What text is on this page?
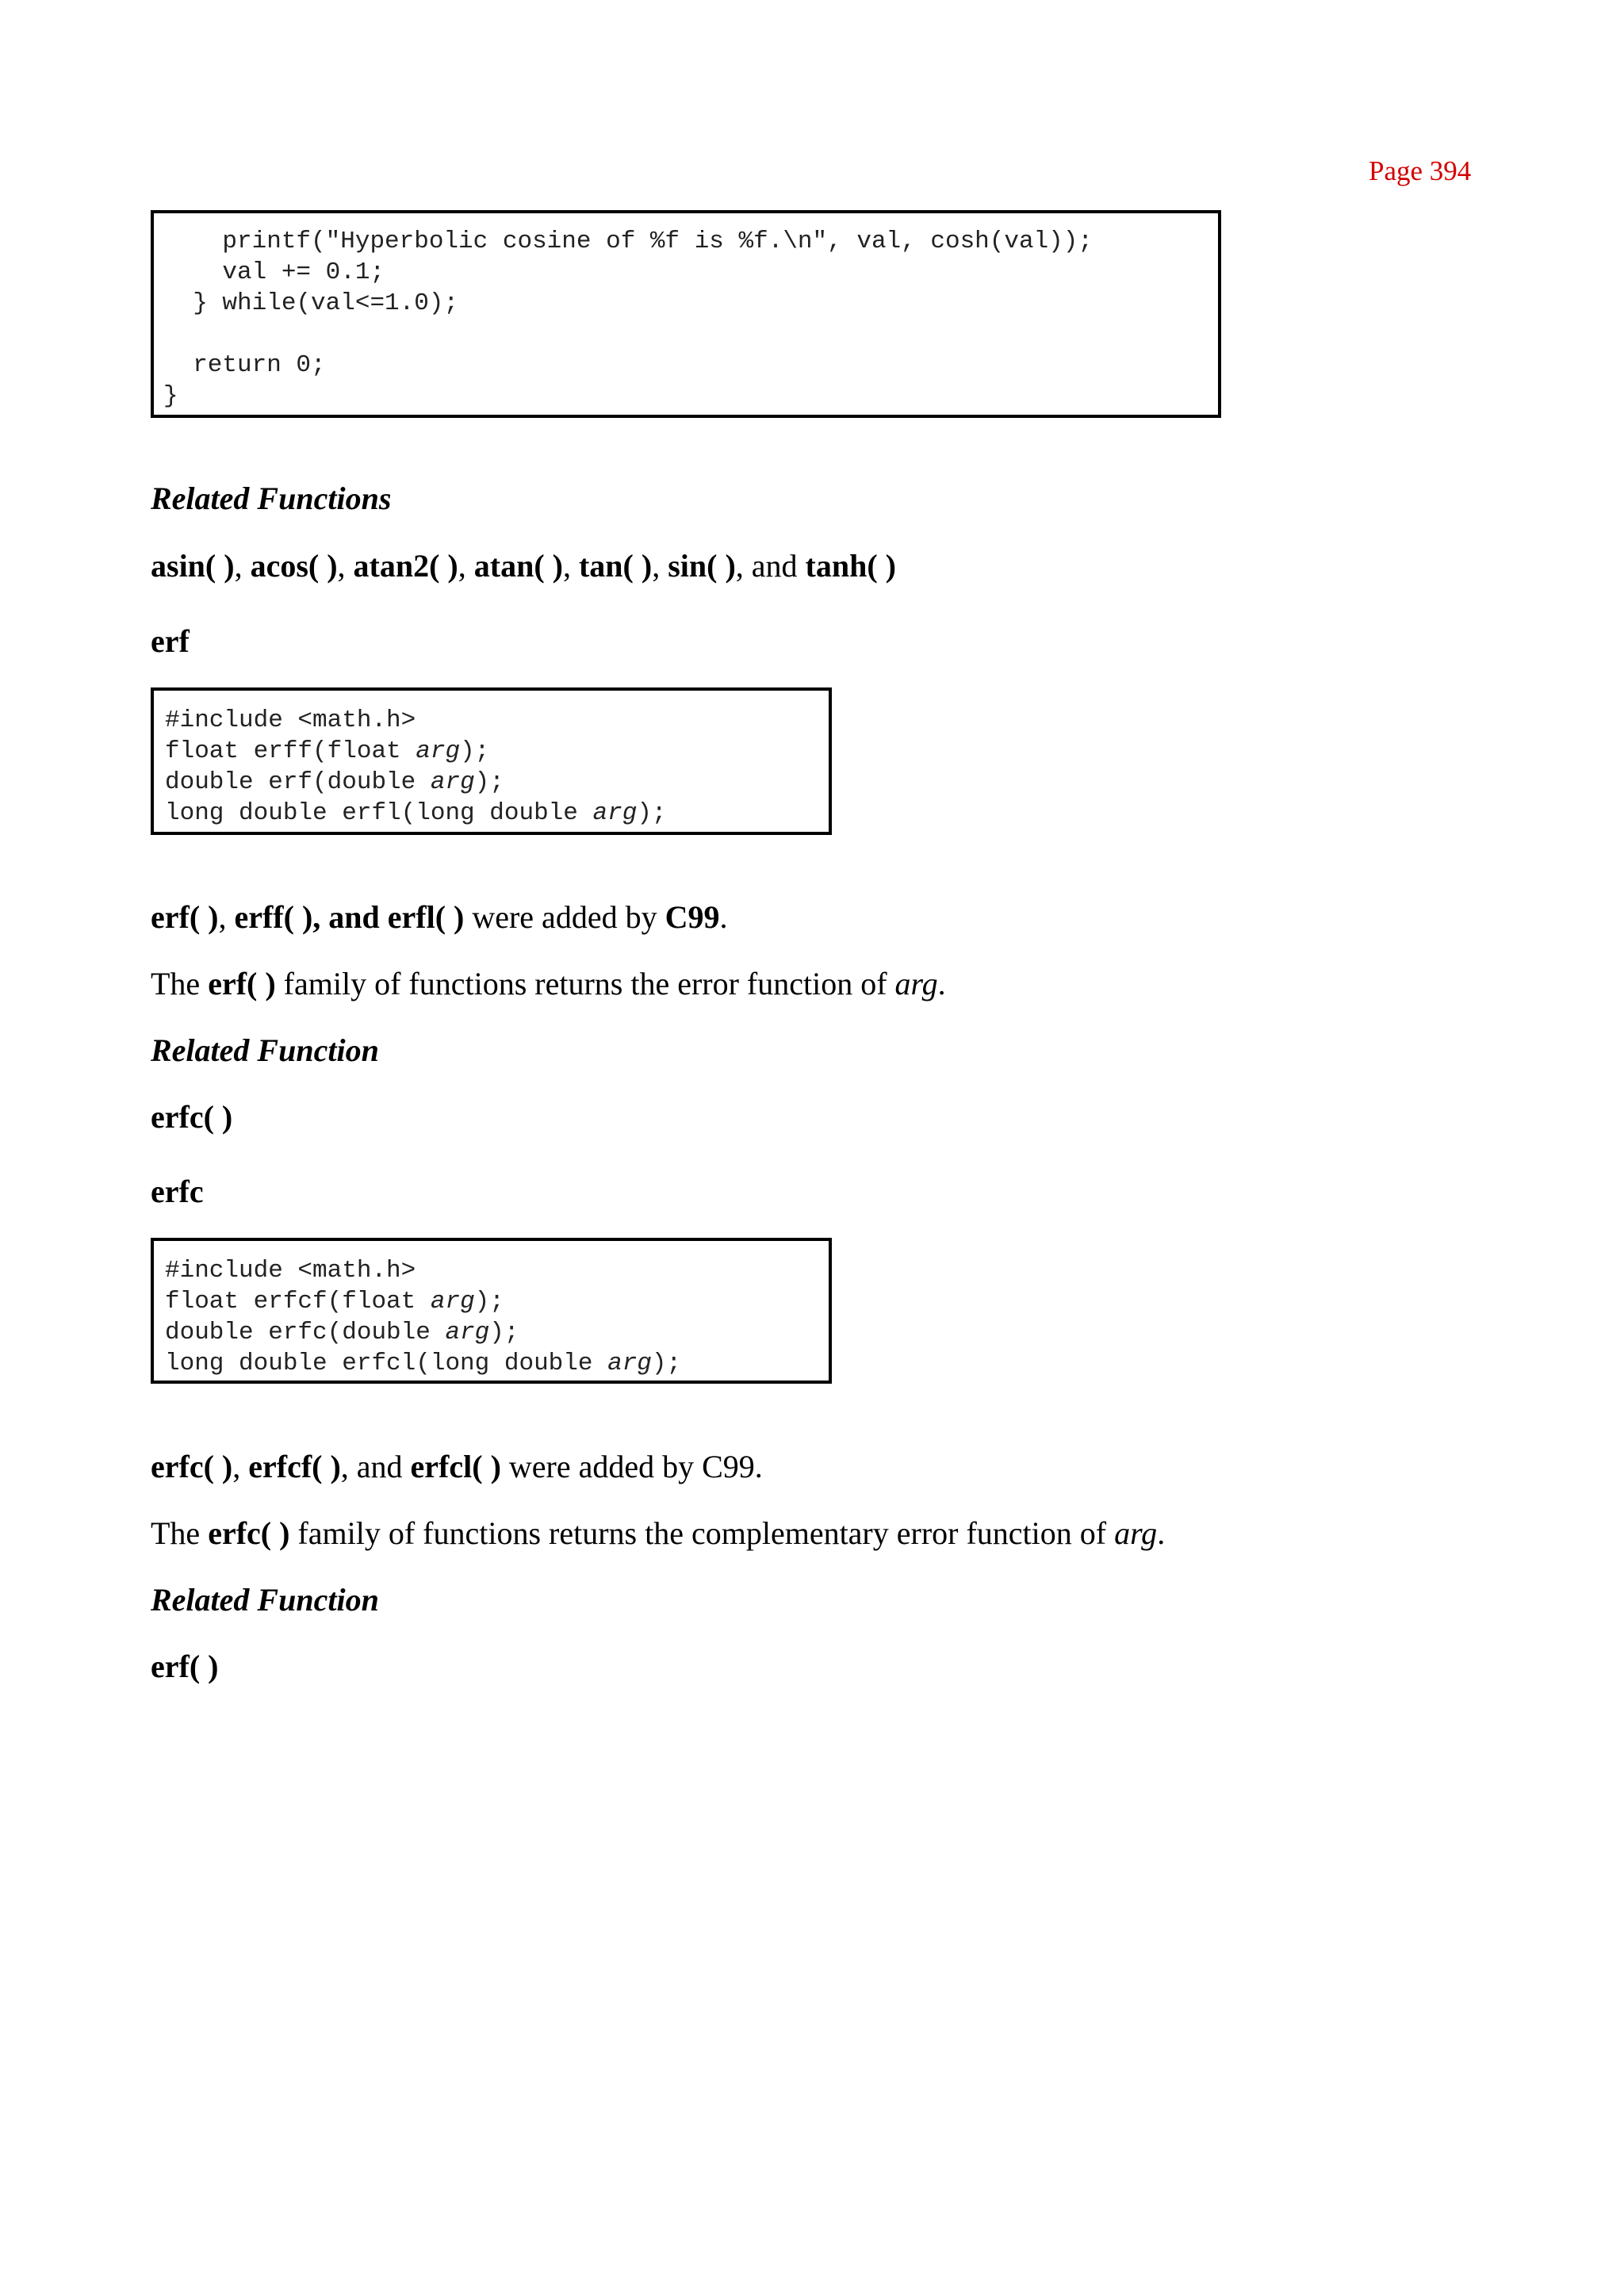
Page 394
printf("Hyperbolic cosine of %f is %f.\n", val, cosh(val));
val += 0.1;
} while(val<=1.0);

return 0;
}
Related Functions
asin( ), acos( ), atan2( ), atan( ), tan( ), sin( ), and tanh( )
erf
#include <math.h>
float erff(float arg);
double erf(double arg);
long double erfl(long double arg);
erf( ), erff( ), and erfl( ) were added by C99.
The erf( ) family of functions returns the error function of arg.
Related Function
erfc( )
erfc
#include <math.h>
float erfcf(float arg);
double erfc(double arg);
long double erfcl(long double arg);
erfc( ), erfcf( ), and erfcl( ) were added by C99.
The erfc( ) family of functions returns the complementary error function of arg.
Related Function
erf( )
